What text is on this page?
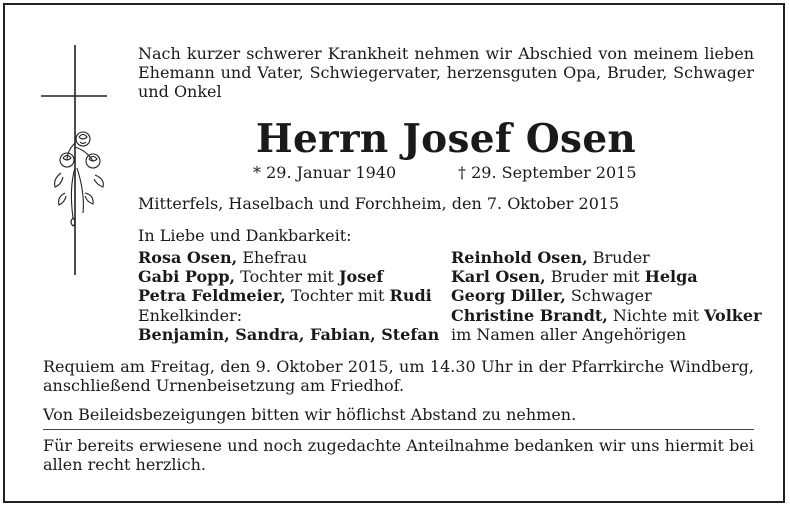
Nach kurzer schwerer Krankheit nehmen wir Abschied von meinem lieben Ehemann und Vater, Schwiegervater, herzensguten Opa, Bruder, Schwager und Onkel
Herrn Josef Osen
* 29. Januar 1940	† 29. September 2015
Mitterfels, Haselbach und Forchheim, den 7. Oktober 2015
In Liebe und Dankbarkeit:
Rosa Osen, Ehefrau
Gabi Popp, Tochter mit Josef
Petra Feldmeier, Tochter mit Rudi
Enkelkinder:
Benjamin, Sandra, Fabian, Stefan
Reinhold Osen, Bruder
Karl Osen, Bruder mit Helga
Georg Diller, Schwager
Christine Brandt, Nichte mit Volker
im Namen aller Angehörigen
Requiem am Freitag, den 9. Oktober 2015, um 14.30 Uhr in der Pfarrkirche Windberg, anschließend Urnenbeisetzung am Friedhof.
Von Beileidsbezeigungen bitten wir höflichst Abstand zu nehmen.
Für bereits erwiesene und noch zugedachte Anteilnahme bedanken wir uns hiermit bei allen recht herzlich.
